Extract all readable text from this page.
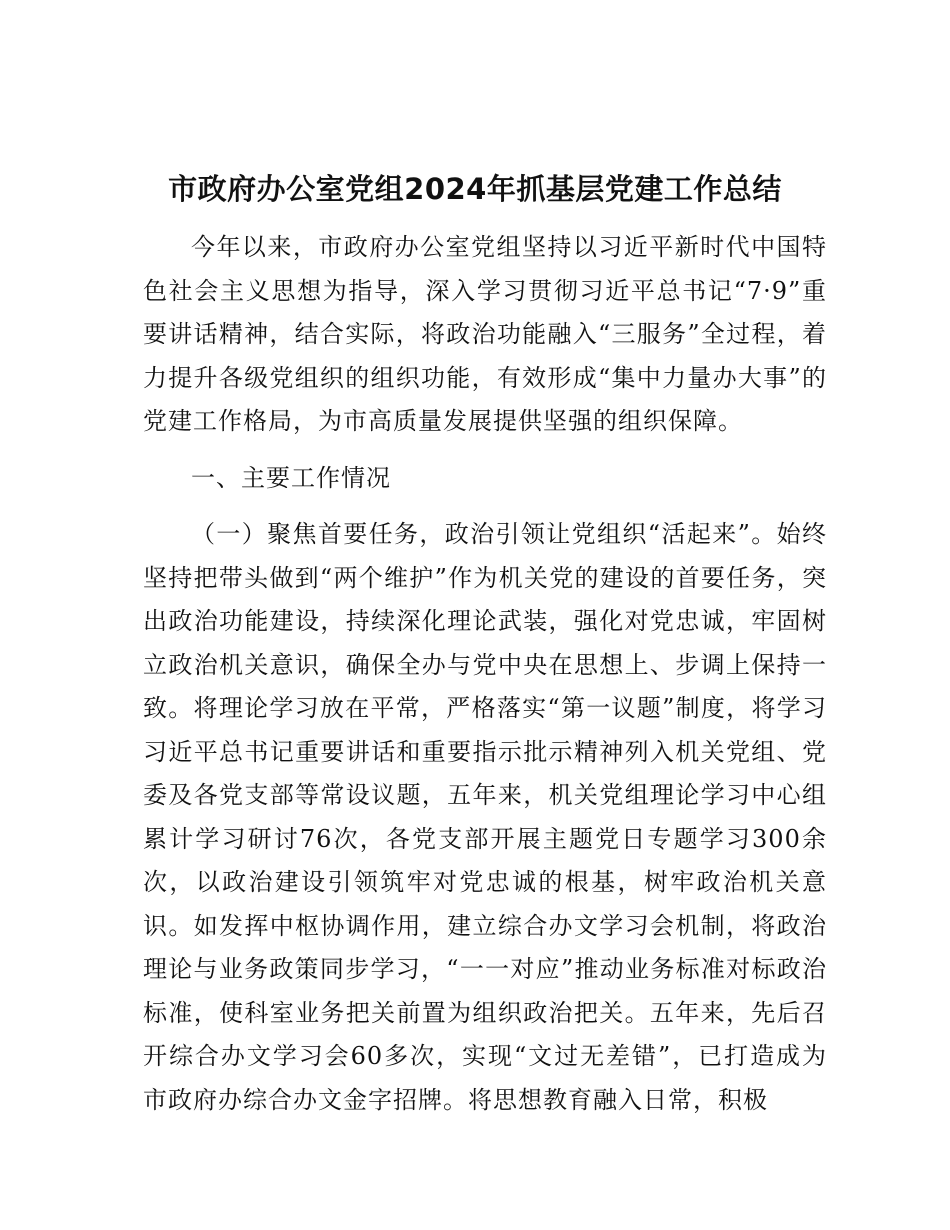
市政府办公室党组2024年抓基层党建工作总结

今年以来，市政府办公室党组坚持以习近平新时代中国特色社会主义思想为指导，深入学习贯彻习近平总书记“7·9”重要讲话精神，结合实际，将政治功能融入“三服务”全过程，着力提升各级党组织的组织功能，有效形成“集中力量办大事”的党建工作格局，为市高质量发展提供坚强的组织保障。

一、主要工作情况

（一）聚焦首要任务，政治引领让党组织“活起来”。始终坚持把带头做到“两个维护”作为机关党的建设的首要任务，突出政治功能建设，持续深化理论武装，强化对党忠诚，牢固树立政治机关意识，确保全办与党中央在思想上、步调上保持一致。将理论学习放在平常，严格落实“第一议题”制度，将学习习近平总书记重要讲话和重要指示批示精神列入机关党组、党委及各党支部等常设议题，五年来，机关党组理论学习中心组累计学习研讨76次，各党支部开展主题党日专题学习300余次，以政治建设引领筑牢对党忠诚的根基，树牢政治机关意识。如发挥中枢协调作用，建立综合办文学习会机制，将政治理论与业务政策同步学习，“一一对应”推动业务标准对标政治标准，使科室业务把关前置为组织政治把关。五年来，先后召开综合办文学习会60多次，实现“文过无差错”，已打造成为市政府办综合办文金字招牌。将思想教育融入日常，积极
